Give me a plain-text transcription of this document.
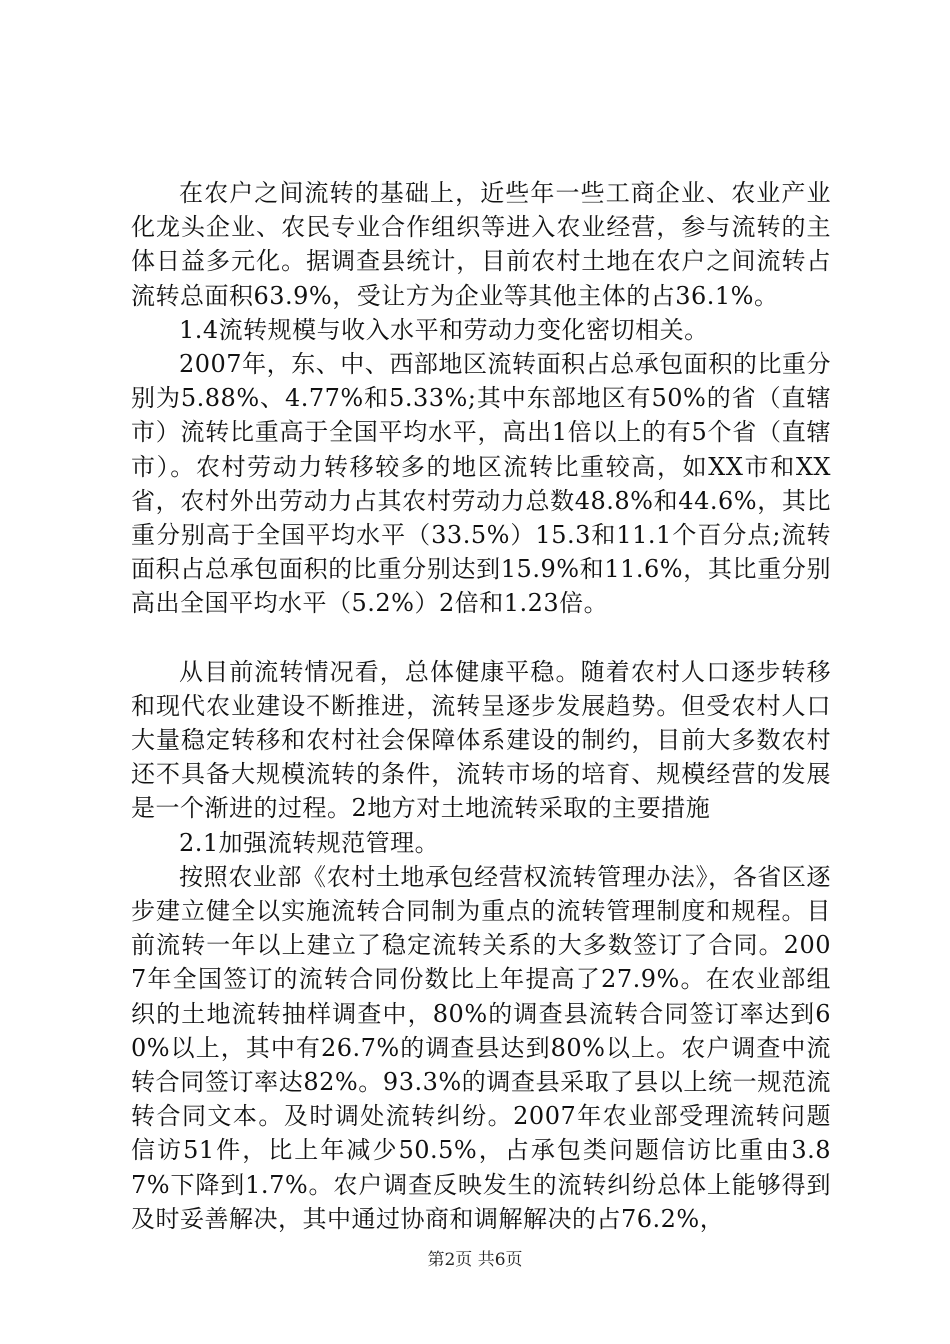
在农户之间流转的基础上，近些年一些工商企业、农业产业化龙头企业、农民专业合作组织等进入农业经营，参与流转的主体日益多元化。据调查县统计，目前农村土地在农户之间流转占流转总面积63.9%，受让方为企业等其他主体的占36.1%。

1.4流转规模与收入水平和劳动力变化密切相关。

2007年，东、中、西部地区流转面积占总承包面积的比重分别为5.88%、4.77%和5.33%;其中东部地区有50%的省（直辖市）流转比重高于全国平均水平，高出1倍以上的有5个省（直辖市）。农村劳动力转移较多的地区流转比重较高，如XX市和XX省，农村外出劳动力占其农村劳动力总数48.8%和44.6%，其比重分别高于全国平均水平（33.5%）15.3和11.1个百分点;流转面积占总承包面积的比重分别达到15.9%和11.6%，其比重分别高出全国平均水平（5.2%）2倍和1.23倍。

从目前流转情况看，总体健康平稳。随着农村人口逐步转移和现代农业建设不断推进，流转呈逐步发展趋势。但受农村人口大量稳定转移和农村社会保障体系建设的制约，目前大多数农村还不具备大规模流转的条件，流转市场的培育、规模经营的发展是一个渐进的过程。2地方对土地流转采取的主要措施

2.1加强流转规范管理。

按照农业部《农村土地承包经营权流转管理办法》，各省区逐步建立健全以实施流转合同制为重点的流转管理制度和规程。目前流转一年以上建立了稳定流转关系的大多数签订了合同。2007年全国签订的流转合同份数比上年提高了27.9%。在农业部组织的土地流转抽样调查中，80%的调查县流转合同签订率达到60%以上，其中有26.7%的调查县达到80%以上。农户调查中流转合同签订率达82%。93.3%的调查县采取了县以上统一规范流转合同文本。及时调处流转纠纷。2007年农业部受理流转问题信访51件，比上年减少50.5%，占承包类问题信访比重由3.87%下降到1.7%。农户调查反映发生的流转纠纷总体上能够得到及时妥善解决，其中通过协商和调解解决的占76.2%，

第2页 共6页
